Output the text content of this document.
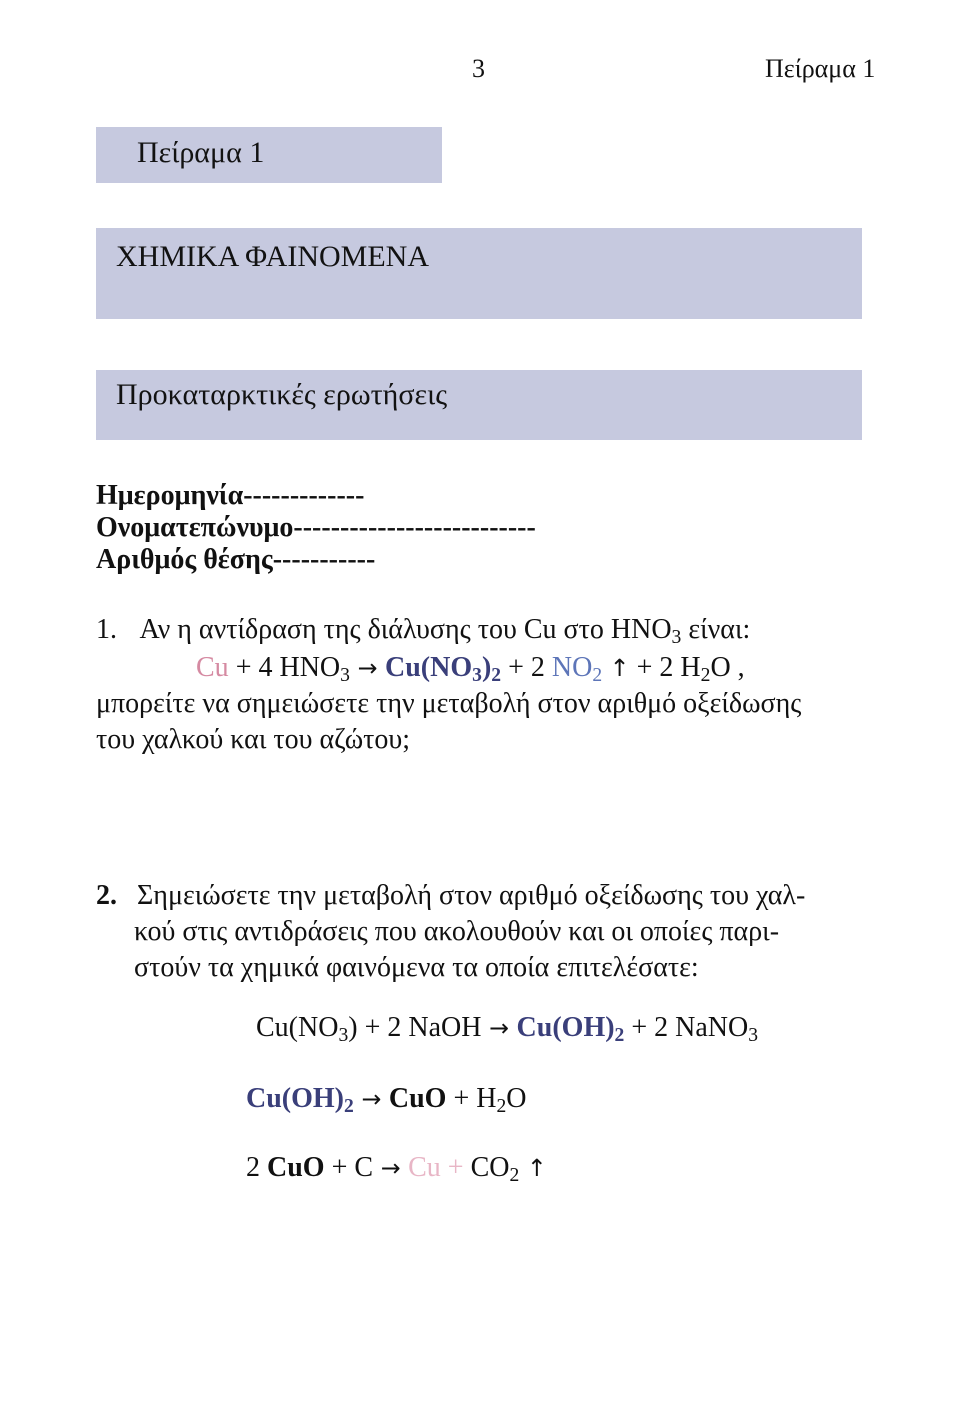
3	Πείραμα 1
Πείραμα 1
ΧΗΜΙΚΑ ΦΑΙΝΟΜΕΝΑ
Προκαταρκτικές ερωτήσεις
Ημερομηνία-------------
Ονοματεπώνυμο--------------------------
Αριθμός θέσης-----------
1. Αν η αντίδραση της διάλυσης του Cu στο $HNO_3$ είναι:
Cu + 4 $HNO_3 \to Cu(NO_3)_2 + 2$ $NO_2$ ↑ + 2 $H_2O$ ,
μπορείτε να σημειώσετε την μεταβολή στον αριθμό οξείδωσης
του χαλκού και του αζώτου;
2. Σημειώσετε την μεταβολή στον αριθμό οξείδωσης του χαλ-
κού στις αντιδράσεις που ακολουθούν και οι οποίες παρι-
στούν τα χημικά φαινόμενα τα οποία επιτελέσατε:
$Cu(NO_3) + 2$ NaOH → $Cu(OH)_2 + 2$ NaNO$_3$
$Cu(OH)_2$ → CuO + $H_2O$
2 CuO + $C \to Cu + CO_2$ ↑
